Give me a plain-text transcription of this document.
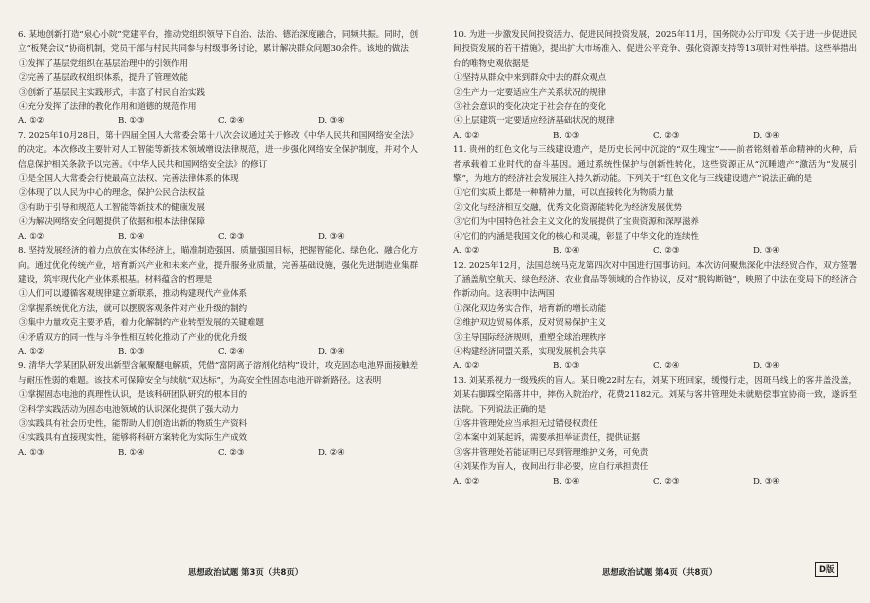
6. 某地创新打造“泉心小院”党建平台，推动党组织领导下自治、法治、德治深度融合，同频共振。同时，创立“板凳会议”协商机制，党员干部与村民共同参与村级事务讨论，累计解决群众问题30余件。该地的做法

①发挥了基层党组织在基层治理中的引领作用

②完善了基层政权组织体系，提升了管理效能

③创新了基层民主实践形式，丰富了村民自治实践

④充分发挥了法律的教化作用和道德的规范作用

A. ①②	B. ①③	C. ②④	D. ③④

7. 2025年10月28日，第十四届全国人大常委会第十八次会议通过关于修改《中华人民共和国网络安全法》的决定。本次修改主要针对人工智能等新技术领域增设法律规范，进一步强化网络安全保护制度，并对个人信息保护相关条款予以完善。《中华人民共和国网络安全法》的修订

①是全国人大常委会行使最高立法权、完善法律体系的体现

②体现了以人民为中心的理念，保护公民合法权益

③有助于引导和规范人工智能等新技术的健康发展

④为解决网络安全问题提供了依据和根本法律保障

A. ①②	B. ①④	C. ②③	D. ③④

8. 坚持发展经济的着力点放在实体经济上，瞄准制造强国、质量强国目标，把握智能化、绿色化、融合化方向。通过优化传统产业，培育新兴产业和未来产业，提升服务业质量，完善基础设施，强化先进制造业集群建设，筑牢现代化产业体系根基。材料蕴含的哲理是

①人们可以遵循客观规律建立新联系，推动构建现代产业体系

②掌握系统优化方法，就可以摆脱客观条件对产业升级的制约

③集中力量攻克主要矛盾，着力化解制约产业转型发展的关键难题

④矛盾双方的同一性与斗争性相互转化推动了产业的优化升级

A. ①②	B. ①③	C. ②④	D. ③④

9. 清华大学某团队研发出新型含氟聚醚电解质，凭借“富阴离子溶剂化结构”设计，攻克固态电池界面接触差与耐压性弱的难题。该技术可保障安全与续航“双达标”，为高安全性固态电池开辟新路径。这表明

①掌握固态电池的真理性认识，是该科研团队研究的根本目的

②科学实践活动为固态电池领域的认识深化提供了强大动力

③实践具有社会历史性，能帮助人们创造出新的物质生产资料

④实践具有直接现实性，能够将科研方案转化为实际生产成效

A. ①③	B. ①④	C. ②③	D. ②④

10. 为进一步激发民间投资活力、促进民间投资发展，2025年11月，国务院办公厅印发《关于进一步促进民间投资发展的若干措施》，提出扩大市场准入、促进公平竞争、强化资源支持等13项针对性举措。这些举措出台的唯物史观依据是

①坚持从群众中来到群众中去的群众观点

②生产力一定要适应生产关系状况的规律

③社会意识的变化决定于社会存在的变化

④上层建筑一定要适应经济基础状况的规律

A. ①②	B. ①③	C. ②③	D. ③④

11. 贵州的红色文化与三线建设遗产，是历史长河中沉淀的“双生瑰宝”——前者铭刻着革命精神的火种，后者承载着工业时代的奋斗基因。通过系统性保护与创新性转化，这些资源正从“沉睡遗产”激活为“发展引擎”，为地方的经济社会发展注入持久新动能。下列关于“红色文化与三线建设遗产”说法正确的是

①它们实质上都是一种精神力量，可以直接转化为物质力量

②文化与经济相互交融，优秀文化资源能转化为经济发展优势

③它们为中国特色社会主义文化的发展提供了宝贵资源和深厚滋养

④它们的内涵是我国文化的核心和灵魂，彰显了中华文化的连续性

A. ①②	B. ①④	C. ②③	D. ③④

12. 2025年12月，法国总统马克龙第四次对中国进行国事访问。本次访问聚焦深化中法经贸合作，双方签署了涵盖航空航天、绿色经济、农业食品等领域的合作协议，反对“脱钩断链”，映照了中法在变局下的经济合作新动向。这表明中法两国

①深化双边务实合作，培育新的增长动能

②维护双边贸易体系，反对贸易保护主义

③主导国际经济规则，重塑全球治理秩序

④构建经济同盟关系，实现发展机会共享

A. ①②	B. ①③	C. ②④	D. ③④

13. 刘某系视力一级残疾的盲人。某日晚22时左右，刘某下班回家，缓慢行走，因斑马线上的客井盖没盖，刘某右脚踩空陷落井中，摔伤入院治疗，花费21182元。刘某与客井管理处未就赔偿事宜协商一致，遂诉至法院。下列说法正确的是

①客井管理处应当承担无过错侵权责任

②本案中刘某起诉，需要承担举证责任，提供证据

③客井管理处若能证明已尽到管理维护义务，可免责

④刘某作为盲人，夜间出行非必要，应自行承担责任

A. ①②	B. ①④	C. ②③	D. ③④
思想政治试题 第3页（共8页）	思想政治试题 第4页（共8页）	D版
